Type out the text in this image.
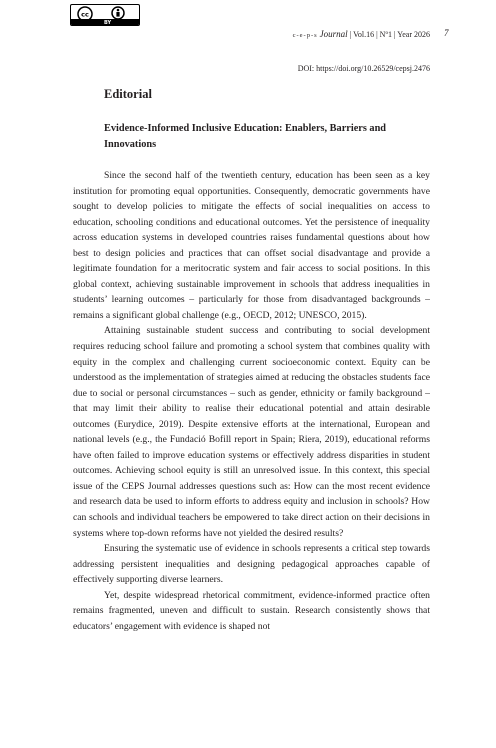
cc
BY
c-e-p-s Journal | Vol.16 | Nº1 | Year 2026 7
DOI: https://doi.org/10.26529/cepsj.2476
Editorial
Evidence-Informed Inclusive Education: Enablers, Barriers and Innovations

Since the second half of the twentieth century, education has been seen as a key institution for promoting equal opportunities. Consequently, democratic governments have sought to develop policies to mitigate the effects of social inequalities on access to education, schooling conditions and educational outcomes. Yet the persistence of inequality across education systems in developed countries raises fundamental questions about how best to design policies and practices that can offset social disadvantage and provide a legitimate foundation for a meritocratic system and fair access to social positions. In this global context, achieving sustainable improvement in schools that address inequalities in students’ learning outcomes – particularly for those from disadvantaged backgrounds – remains a significant global challenge (e.g., OECD, 2012; UNESCO, 2015).

Attaining sustainable student success and contributing to social development requires reducing school failure and promoting a school system that combines quality with equity in the complex and challenging current socioeconomic context. Equity can be understood as the implementation of strategies aimed at reducing the obstacles students face due to social or personal circumstances – such as gender, ethnicity or family background – that may limit their ability to realise their educational potential and attain desirable outcomes (Eurydice, 2019). Despite extensive efforts at the international, European and national levels (e.g., the Fundació Bofill report in Spain; Riera, 2019), educational reforms have often failed to improve education systems or effectively address disparities in student outcomes. Achieving school equity is still an unresolved issue. In this context, this special issue of the CEPS Journal addresses questions such as: How can the most recent evidence and research data be used to inform efforts to address equity and inclusion in schools? How can schools and individual teachers be empowered to take direct action on their decisions in systems where top-down reforms have not yielded the desired results?

Ensuring the systematic use of evidence in schools represents a critical step towards addressing persistent inequalities and designing pedagogical approaches capable of effectively supporting diverse learners.

Yet, despite widespread rhetorical commitment, evidence-informed practice often remains fragmented, uneven and difficult to sustain. Research consistently shows that educators’ engagement with evidence is shaped not
